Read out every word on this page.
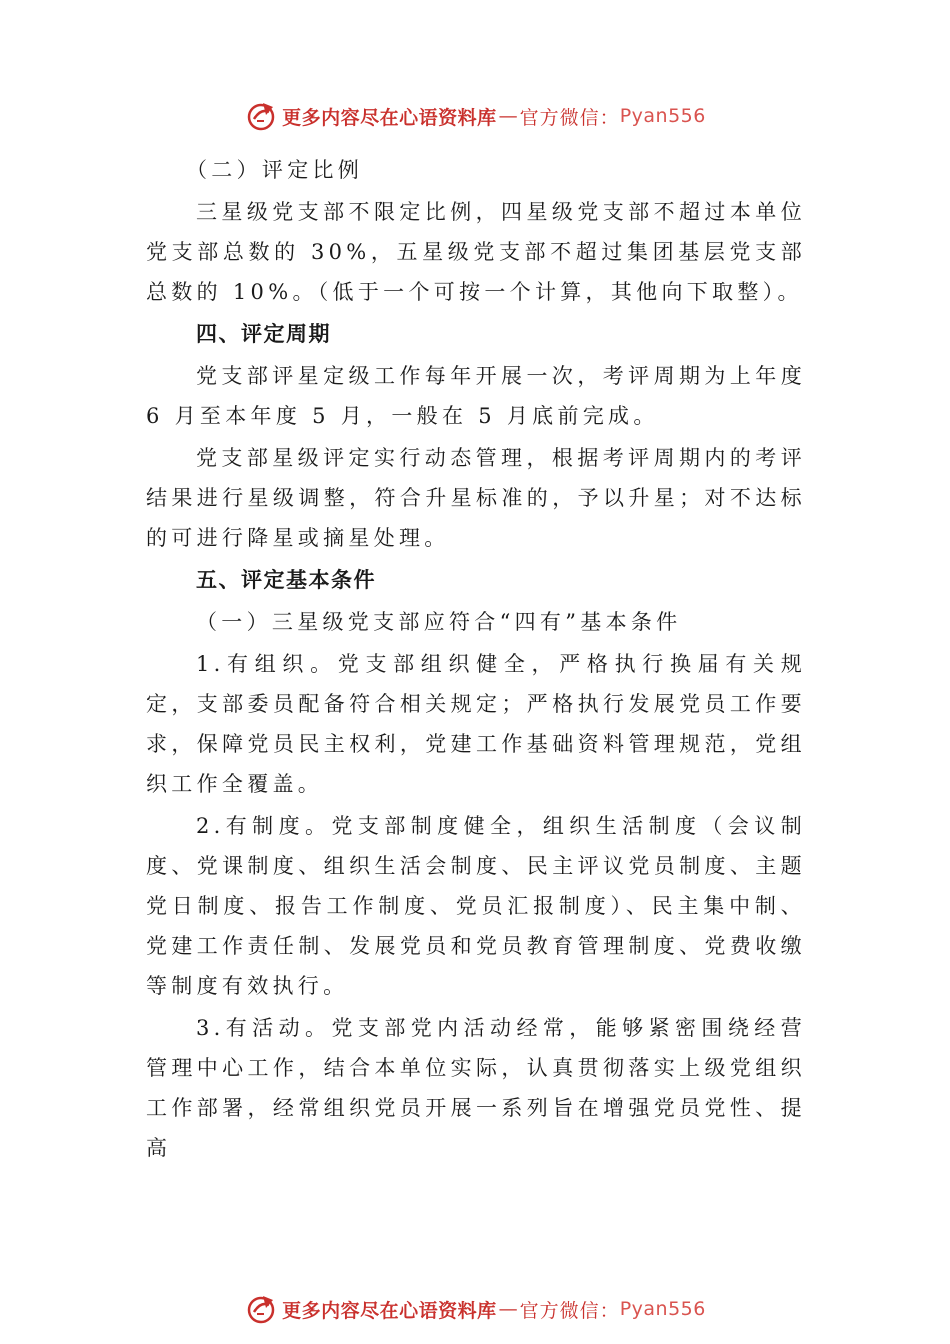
更多内容尽在心语资料库 — 官方微信： Pyan556

（二）评定比例

三星级党支部不限定比例，四星级党支部不超过本单位党支部总数的 30%，五星级党支部不超过集团基层党支部总数的 10%。（低于一个可按一个计算，其他向下取整）。

四、评定周期

党支部评星定级工作每年开展一次，考评周期为上年度6 月至本年度 5 月，一般在 5 月底前完成。

党支部星级评定实行动态管理，根据考评周期内的考评结果进行星级调整，符合升星标准的，予以升星；对不达标的可进行降星或摘星处理。

五、评定基本条件

（一）三星级党支部应符合“四有”基本条件

1.有组织。党支部组织健全，严格执行换届有关规定，支部委员配备符合相关规定；严格执行发展党员工作要求，保障党员民主权利，党建工作基础资料管理规范，党组织工作全覆盖。

2.有制度。党支部制度健全，组织生活制度（会议制度、党课制度、组织生活会制度、民主评议党员制度、主题党日制度、报告工作制度、党员汇报制度）、民主集中制、党建工作责任制、发展党员和党员教育管理制度、党费收缴等制度有效执行。

3.有活动。党支部党内活动经常，能够紧密围绕经营管理中心工作，结合本单位实际，认真贯彻落实上级党组织工作部署，经常组织党员开展一系列旨在增强党员党性、提高

更多内容尽在心语资料库 — 官方微信： Pyan556
